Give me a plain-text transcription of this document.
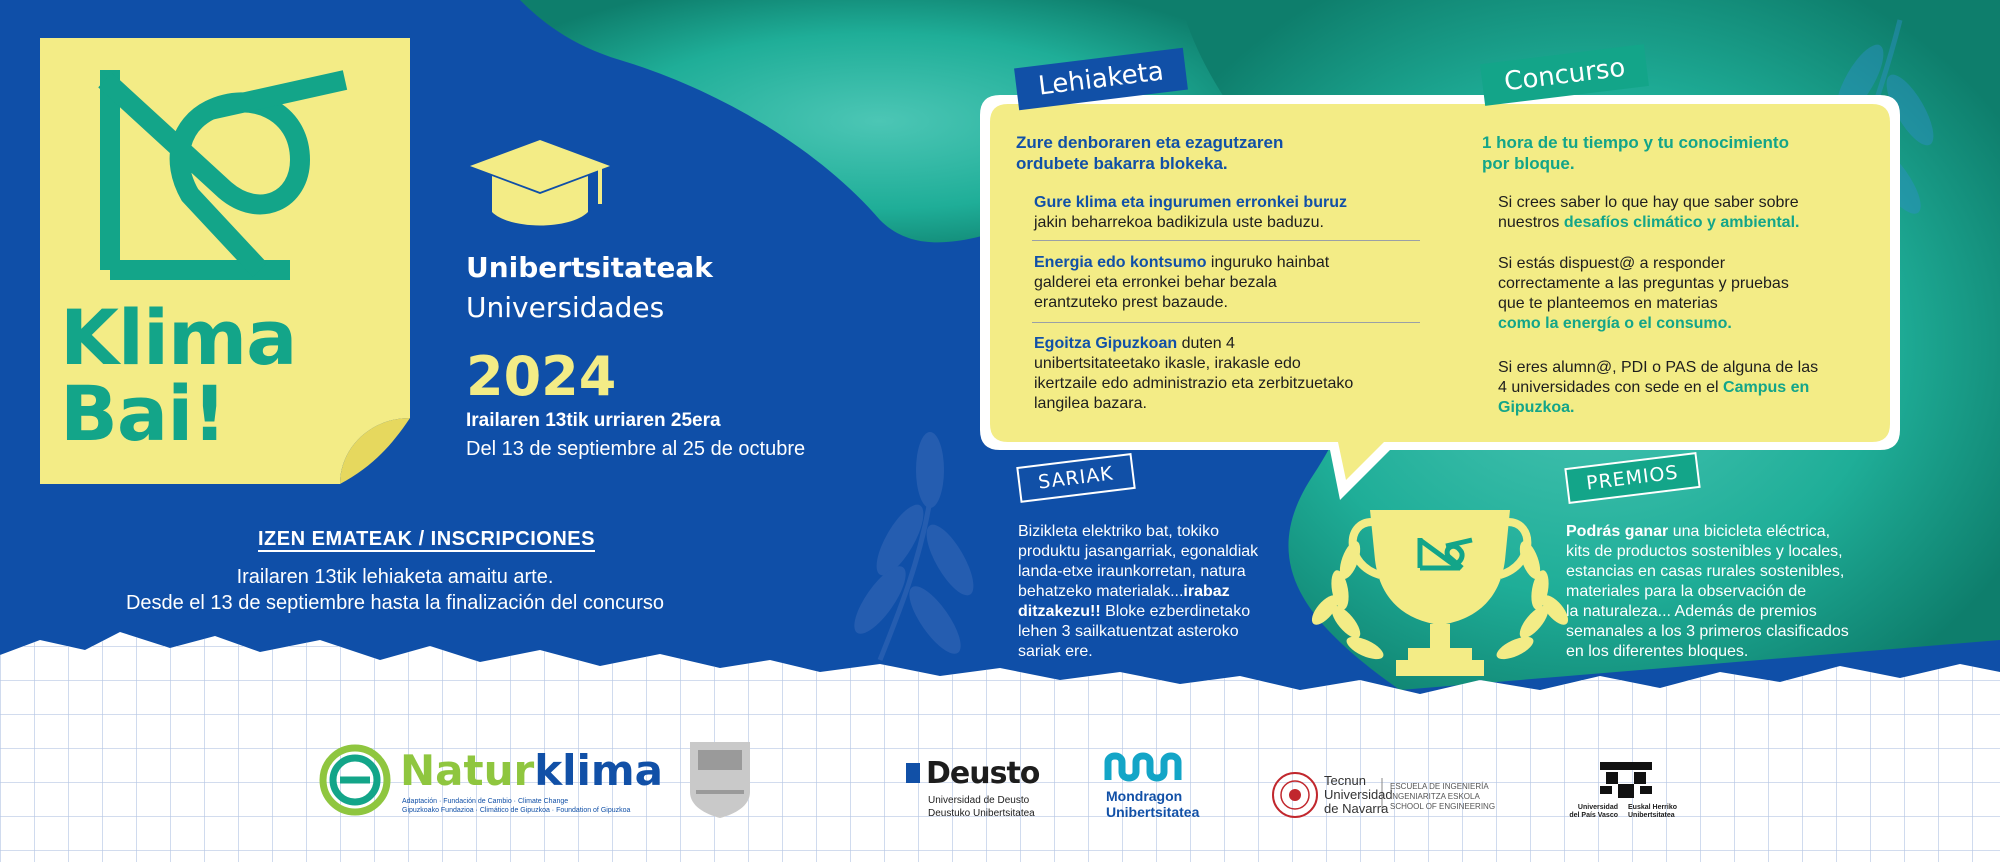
Klima
Bai!
Unibertsitateak
Universidades
2024
Irailaren 13tik urriaren 25era
Del 13 de septiembre al 25 de octubre
IZEN EMATEAK / INSCRIPCIONES
Irailaren 13tik lehiaketa amaitu arte.
Desde el 13 de septiembre hasta la finalización del concurso
Lehiaketa	Concurso
Zure denboraren eta ezagutzaren
ordubete bakarra blokeka.
1 hora de tu tiempo y tu conocimiento
por bloque.
Gure klima eta ingurumen erronkei buruz
jakin beharrekoa badikizula uste baduzu.
Energia edo kontsumo inguruko hainbat
galderei eta erronkei behar bezala
erantzuteko prest bazaude.
Egoitza Gipuzkoan duten 4
unibertsitateetako ikasle, irakasle edo
ikertzaile edo administrazio eta zerbitzuetako
langilea bazara.
Si crees saber lo que hay que saber sobre
nuestros desafíos climático y ambiental.
Si estás dispuest@ a responder
correctamente a las preguntas y pruebas
que te planteemos en materias
como la energía o el consumo.
Si eres alumn@, PDI o PAS de alguna de las
4 universidades con sede en el Campus en
Gipuzkoa.
SARIAK	PREMIOS
Bizikleta elektriko bat, tokiko
produktu jasangarriak, egonaldiak
landa-etxe iraunkorretan, natura
behatzeko materialak...irabaz
ditzakezu!! Bloke ezberdinetako
lehen 3 sailkatuentzat asteroko
sariak ere.
Podrás ganar una bicicleta eléctrica,
kits de productos sostenibles y locales,
estancias en casas rurales sostenibles,
materiales para la observación de
la naturaleza... Además de premios
semanales a los 3 primeros clasificados
en los diferentes bloques.
Naturklima
Adaptación · Fundación de Cambio · Climate Change
Gipuzkoako Fundazioa · Climático de Gipuzkoa · Foundation of Gipuzkoa
Deusto
Universidad de Deusto
Deustuko Unibertsitatea
Mondragon
Unibertsitatea
Tecnun
Universidad
de Navarra
ESCUELA DE INGENIERÍA
INGENIARITZA ESKOLA
SCHOOL OF ENGINEERING	Universidad
del País Vasco
Euskal Herriko
Unibertsitatea
